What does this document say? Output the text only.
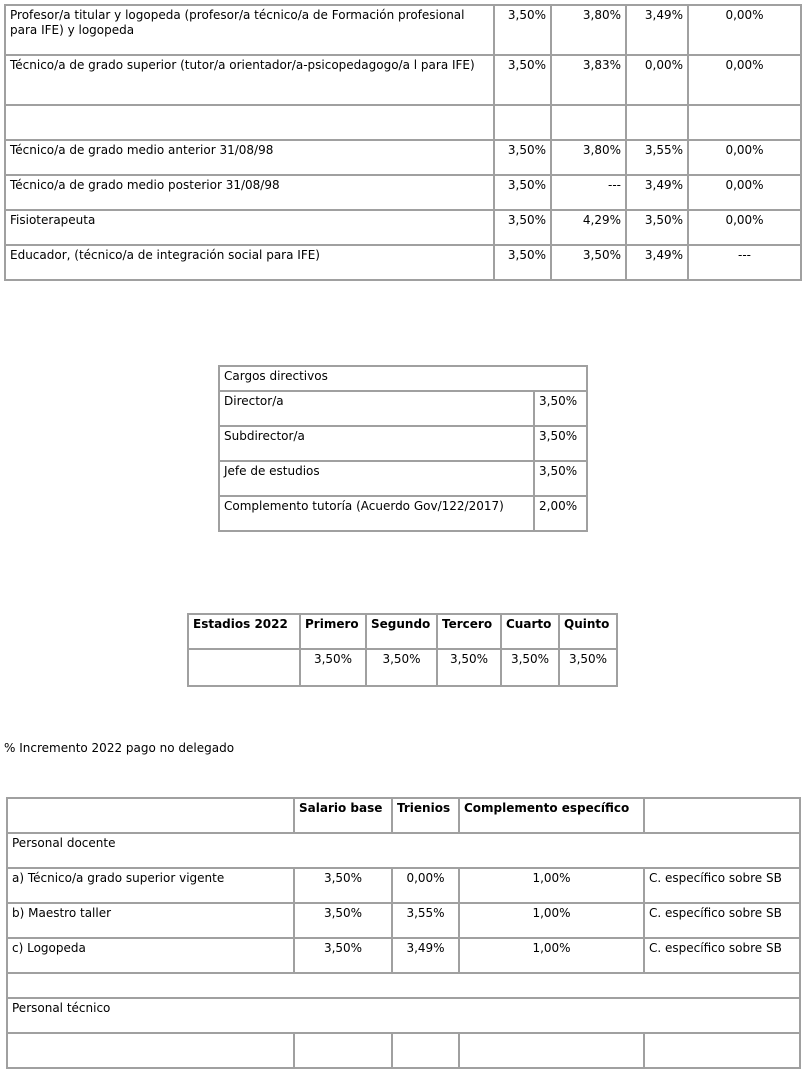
Profesor/a titular y logopeda (profesor/a técnico/a de Formación profesional para IFE) y logopeda	3,50%	3,80%	3,49%	0,00%
Técnico/a de grado superior (tutor/a orientador/a-psicopedagogo/a l para IFE)	3,50%	3,83%	0,00%	0,00%

Técnico/a de grado medio anterior 31/08/98	3,50%	3,80%	3,55%	0,00%
Técnico/a de grado medio posterior 31/08/98	3,50%	---	3,49%	0,00%
Fisioterapeuta	3,50%	4,29%	3,50%	0,00%
Educador, (técnico/a de integración social para IFE)	3,50%	3,50%	3,49%	---
Cargos directivos	
Director/a	3,50%
Subdirector/a	3,50%
Jefe de estudios	3,50%
Complemento tutoría (Acuerdo Gov/122/2017)	2,00%
Estadios 2022	Primero	Segundo	Tercero	Cuarto	Quinto
	3,50%	3,50%	3,50%	3,50%	3,50%
% Incremento 2022 pago no delegado
	Salario base	Trienios	Complemento específico	
Personal docente				
a) Técnico/a grado superior vigente	3,50%	0,00%	1,00%	C. específico sobre SB
b) Maestro taller	3,50%	3,55%	1,00%	C. específico sobre SB
c) Logopeda	3,50%	3,49%	1,00%	C. específico sobre SB

Personal técnico				
